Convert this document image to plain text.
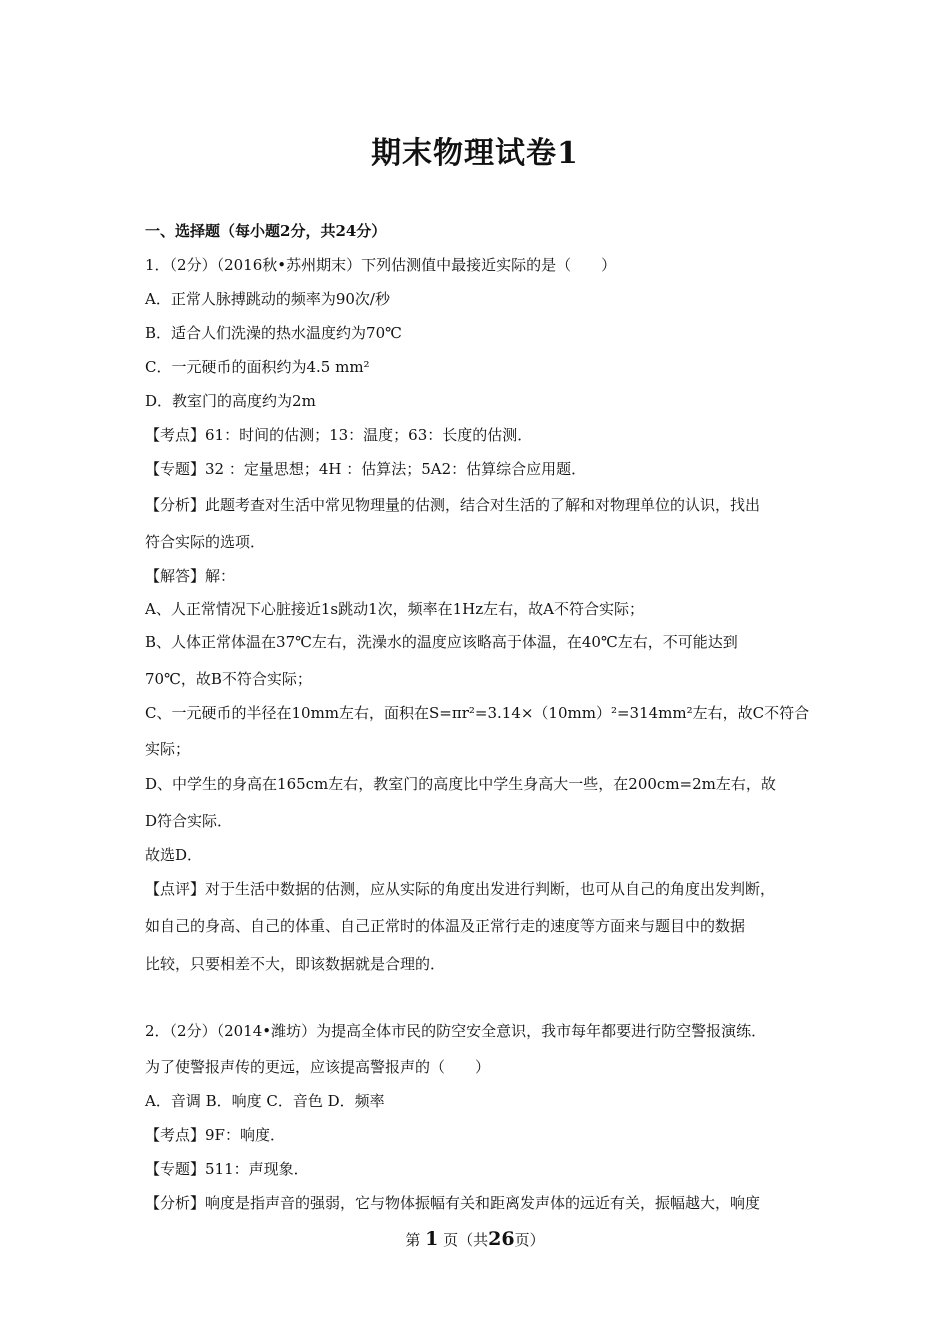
期末物理试卷1
一、选择题（每小题2分，共24分）
1．（2分）（2016秋•苏州期末）下列估测值中最接近实际的是（　　）
A．正常人脉搏跳动的频率为90次/秒
B．适合人们洗澡的热水温度约为70℃
C．一元硬币的面积约为4.5 mm²
D．教室门的高度约为2m
【考点】61：时间的估测；13：温度；63：长度的估测．
【专题】32 ：定量思想；4H ：估算法；5A2：估算综合应用题．
【分析】此题考查对生活中常见物理量的估测，结合对生活的了解和对物理单位的认识，找出
符合实际的选项．
【解答】解：
A、人正常情况下心脏接近1s跳动1次，频率在1Hz左右，故A不符合实际；
B、人体正常体温在37℃左右，洗澡水的温度应该略高于体温，在40℃左右，不可能达到
70℃，故B不符合实际；
C、一元硬币的半径在10mm左右，面积在S=πr²=3.14×（10mm）²=314mm²左右，故C不符合
实际；
D、中学生的身高在165cm左右，教室门的高度比中学生身高大一些，在200cm=2m左右，故
D符合实际．
故选D．
【点评】对于生活中数据的估测，应从实际的角度出发进行判断，也可从自己的角度出发判断，
如自己的身高、自己的体重、自己正常时的体温及正常行走的速度等方面来与题目中的数据
比较，只要相差不大，即该数据就是合理的．
2．（2分）（2014•潍坊）为提高全体市民的防空安全意识，我市每年都要进行防空警报演练．
为了使警报声传的更远，应该提高警报声的（　　）
A．音调 B．响度 C．音色 D．频率
【考点】9F：响度．
【专题】511：声现象．
【分析】响度是指声音的强弱，它与物体振幅有关和距离发声体的远近有关，振幅越大，响度
第 1 页（共26页）
